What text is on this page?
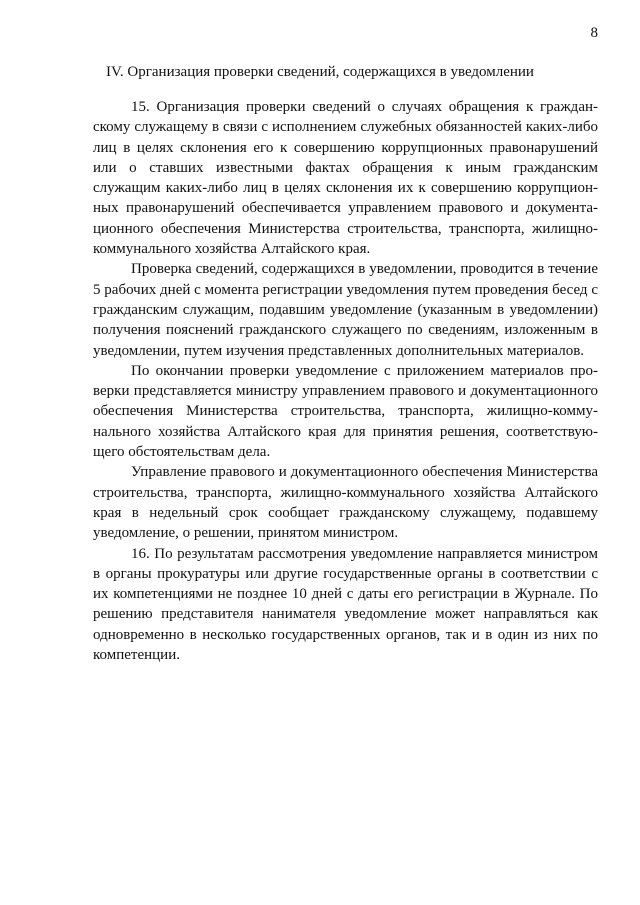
8
IV. Организация проверки сведений, содержащихся в уведомлении

15. Организация проверки сведений о случаях обращения к гражданскому служащему в связи с исполнением служебных обязанностей каких-либо лиц в целях склонения его к совершению коррупционных правонарушений или о ставших известными фактах обращения к иным гражданским служащим каких-либо лиц в целях склонения их к совершению коррупционных правонарушений обеспечивается управлением правового и документационного обеспечения Министерства строительства, транспорта, жилищно-коммунального хозяйства Алтайского края.

Проверка сведений, содержащихся в уведомлении, проводится в течение 5 рабочих дней с момента регистрации уведомления путем проведения бесед с гражданским служащим, подавшим уведомление (указанным в уведомлении) получения пояснений гражданского служащего по сведениям, изложенным в уведомлении, путем изучения представленных дополнительных материалов.

По окончании проверки уведомление с приложением материалов проверки представляется министру управлением правового и документационного обеспечения Министерства строительства, транспорта, жилищно-коммунального хозяйства Алтайского края для принятия решения, соответствующего обстоятельствам дела.

Управление правового и документационного обеспечения Министерства строительства, транспорта, жилищно-коммунального хозяйства Алтайского края в недельный срок сообщает гражданскому служащему, подавшему уведомление, о решении, принятом министром.

16. По результатам рассмотрения уведомление направляется министром в органы прокуратуры или другие государственные органы в соответствии с их компетенциями не позднее 10 дней с даты его регистрации в Журнале. По решению представителя нанимателя уведомление может направляться как одновременно в несколько государственных органов, так и в один из них по компетенции.
